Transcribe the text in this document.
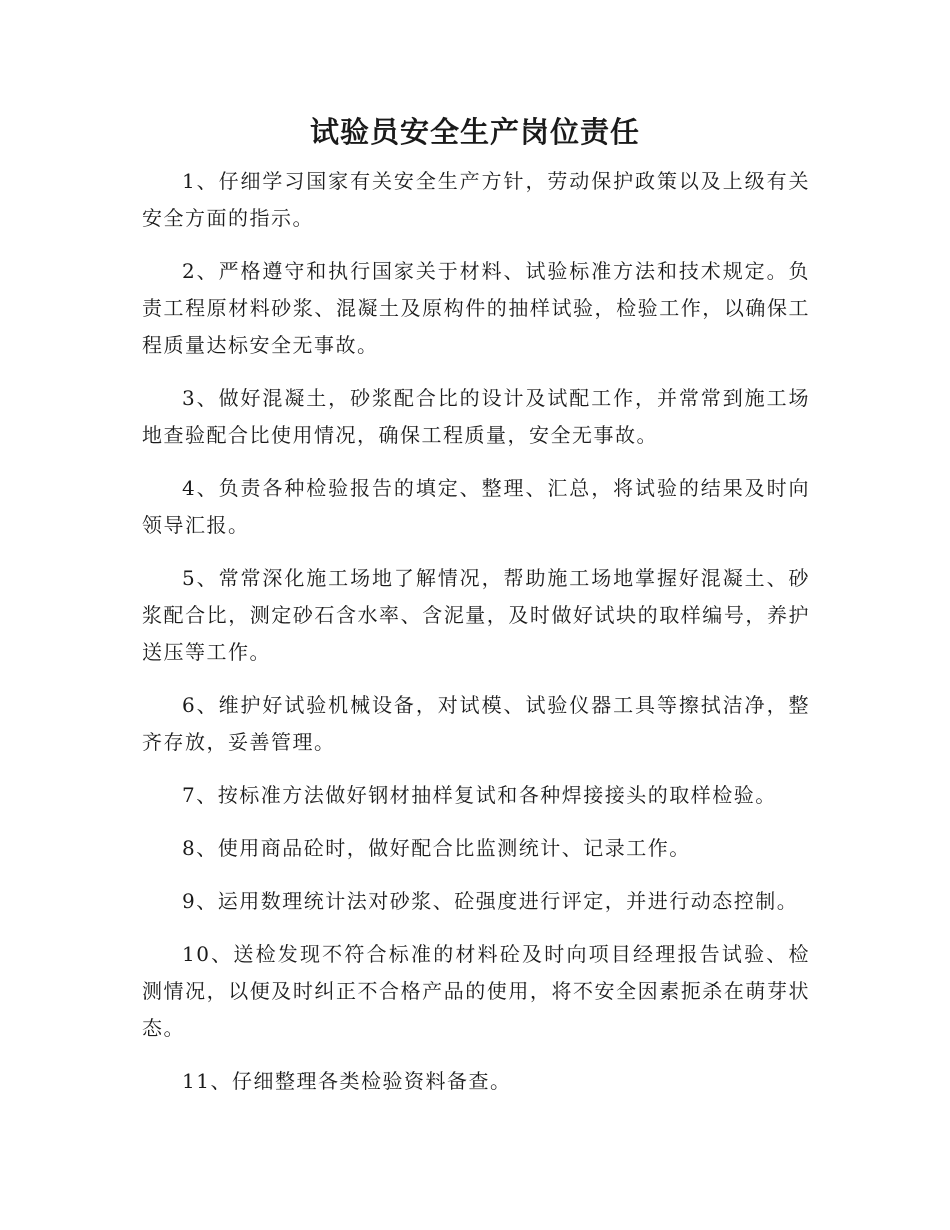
试验员安全生产岗位责任

1、仔细学习国家有关安全生产方针，劳动保护政策以及上级有关安全方面的指示。

2、严格遵守和执行国家关于材料、试验标准方法和技术规定。负责工程原材料砂浆、混凝土及原构件的抽样试验，检验工作，以确保工程质量达标安全无事故。

3、做好混凝土，砂浆配合比的设计及试配工作，并常常到施工场地查验配合比使用情况，确保工程质量，安全无事故。

4、负责各种检验报告的填定、整理、汇总，将试验的结果及时向领导汇报。

5、常常深化施工场地了解情况，帮助施工场地掌握好混凝土、砂浆配合比，测定砂石含水率、含泥量，及时做好试块的取样编号，养护送压等工作。

6、维护好试验机械设备，对试模、试验仪器工具等擦拭洁净，整齐存放，妥善管理。

7、按标准方法做好钢材抽样复试和各种焊接接头的取样检验。

8、使用商品砼时，做好配合比监测统计、记录工作。

9、运用数理统计法对砂浆、砼强度进行评定，并进行动态控制。

10、送检发现不符合标准的材料砼及时向项目经理报告试验、检测情况，以便及时纠正不合格产品的使用，将不安全因素扼杀在萌芽状态。

11、仔细整理各类检验资料备查。
